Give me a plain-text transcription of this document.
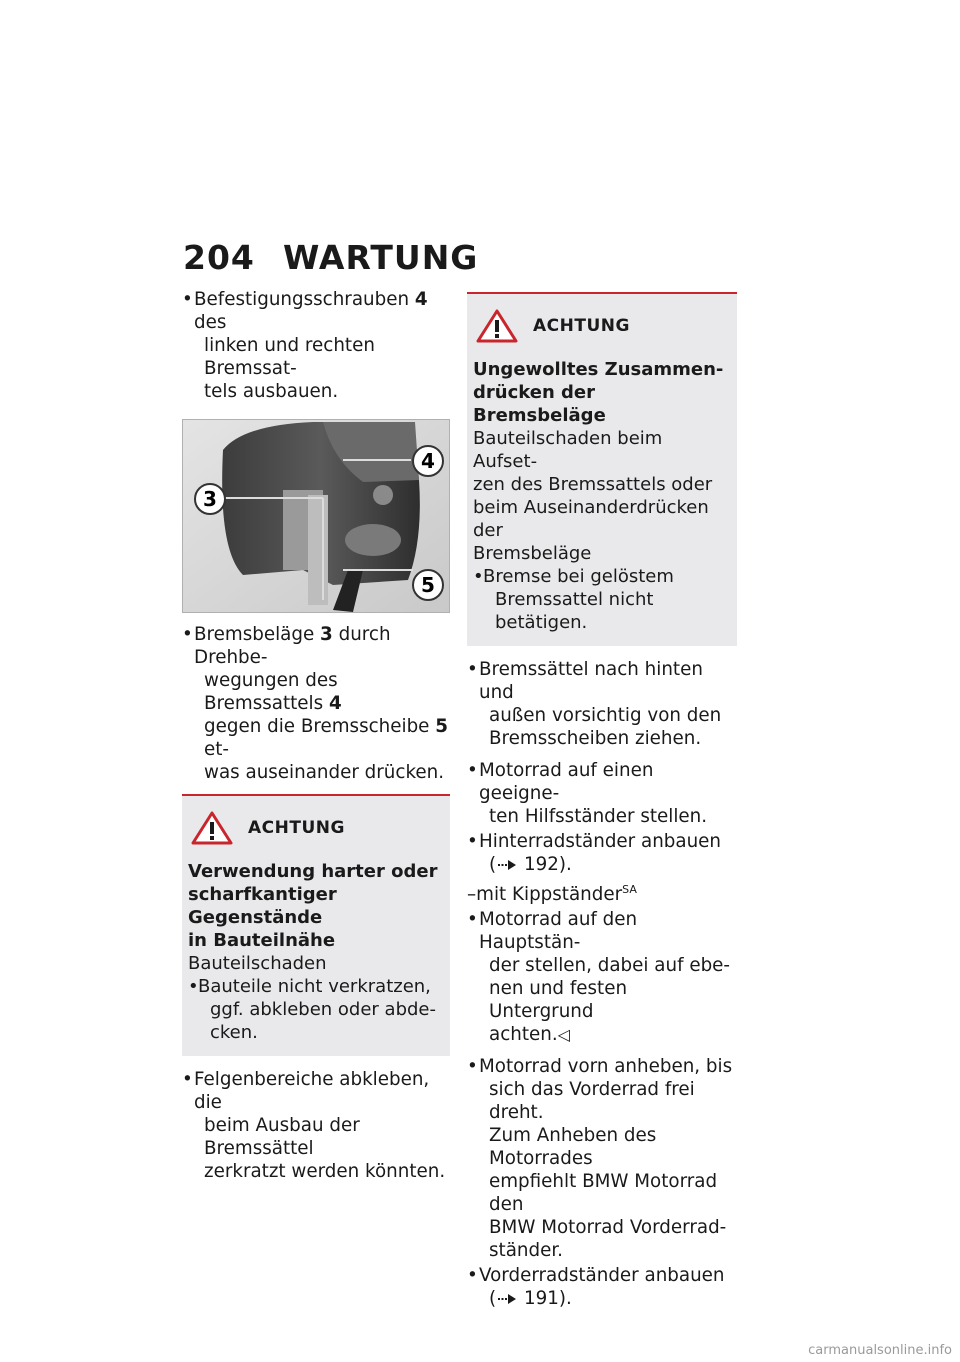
204 WARTUNG
• Befestigungsschrauben 4 des
linken und rechten Bremssat-
tels ausbauen.
3
4
5
• Bremsbeläge 3 durch Drehbe-
wegungen des Bremssattels 4
gegen die Bremsscheibe 5 et-
was auseinander drücken.
ACHTUNG
Verwendung harter oder
scharfkantiger Gegenstände
in Bauteilnähe
Bauteilschaden
• Bauteile nicht verkratzen,
ggf. abkleben oder abde-
cken.
• Felgenbereiche abkleben, die
beim Ausbau der Bremssättel
zerkratzt werden könnten.
ACHTUNG
Ungewolltes Zusammen-
drücken der Bremsbeläge
Bauteilschaden beim Aufset-
zen des Bremssattels oder
beim Auseinanderdrücken der
Bremsbeläge
• Bremse bei gelöstem
Bremssattel nicht betätigen.
• Bremssättel nach hinten und
außen vorsichtig von den
Bremsscheiben ziehen.
• Motorrad auf einen geeigne-
ten Hilfsständer stellen.
• Hinterradständer anbauen
( 192).
–mit Kippständer$^{SA}$
• Motorrad auf den Hauptstän-
der stellen, dabei auf ebe-
nen und festen Untergrund
achten.◁
• Motorrad vorn anheben, bis
sich das Vorderrad frei dreht.
Zum Anheben des Motorrades
empfiehlt BMW Motorrad den
BMW Motorrad Vorderrad-
ständer.
• Vorderradständer anbauen
( 191).
carmanualsonline.info
